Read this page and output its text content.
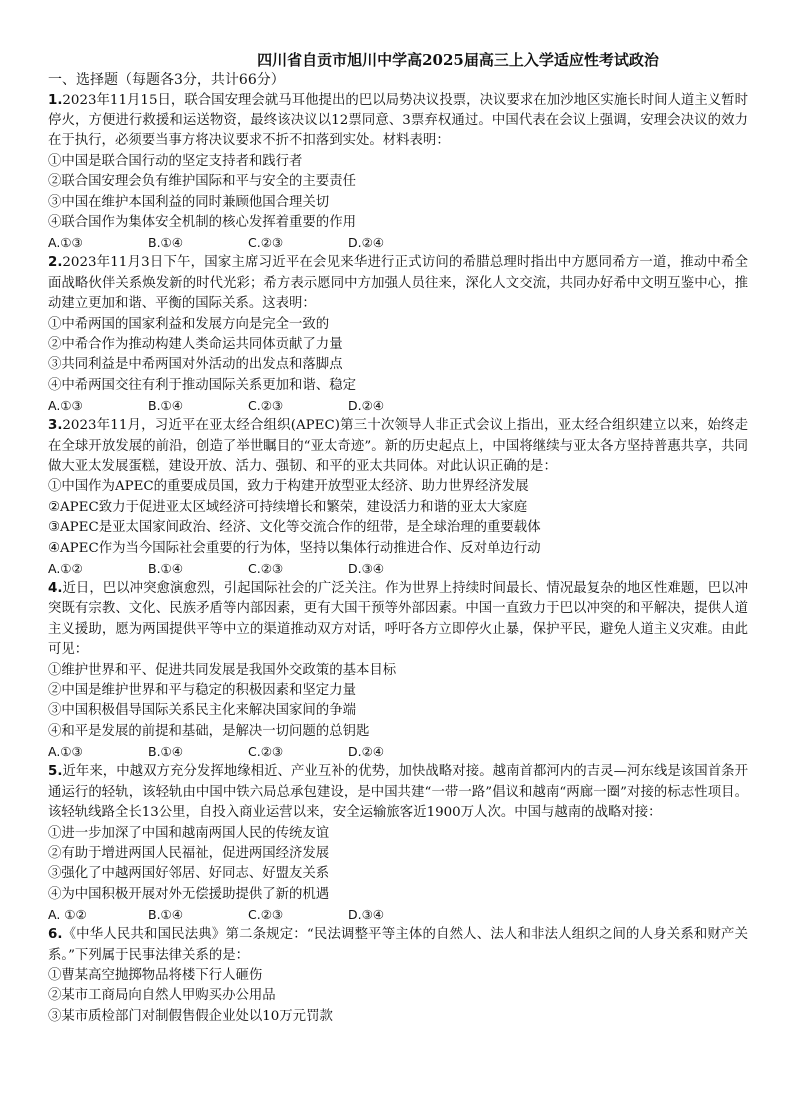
四川省自贡市旭川中学高2025届高三上入学适应性考试政治
一、选择题（每题各3分，共计66分）

1.2023年11月15日，联合国安理会就马耳他提出的巴以局势决议投票，决议要求在加沙地区实施长时间人道主义暂时停火，方便进行救援和运送物资，最终该决议以12票同意、3票弃权通过。中国代表在会议上强调，安理会决议的效力在于执行，必须要当事方将决议要求不折不扣落到实处。材料表明：

①中国是联合国行动的坚定支持者和践行者

②联合国安理会负有维护国际和平与安全的主要责任

③中国在维护本国利益的同时兼顾他国合理关切

④联合国作为集体安全机制的核心发挥着重要的作用

A.①③	B.①④	C.②③	D.②④

2.2023年11月3日下午，国家主席习近平在会见来华进行正式访问的希腊总理时指出中方愿同希方一道，推动中希全面战略伙伴关系焕发新的时代光彩；希方表示愿同中方加强人员往来，深化人文交流，共同办好希中文明互鉴中心，推动建立更加和谐、平衡的国际关系。这表明：

①中希两国的国家利益和发展方向是完全一致的

②中希合作为推动构建人类命运共同体贡献了力量

③共同利益是中希两国对外活动的出发点和落脚点

④中希两国交往有利于推动国际关系更加和谐、稳定

A.①③	B.①④	C.②③	D.②④

3.2023年11月，习近平在亚太经合组织(APEC)第三十次领导人非正式会议上指出，亚太经合组织建立以来，始终走在全球开放发展的前沿，创造了举世瞩目的“亚太奇迹”。新的历史起点上，中国将继续与亚太各方坚持普惠共享，共同做大亚太发展蛋糕，建设开放、活力、强韧、和平的亚太共同体。对此认识正确的是：

①中国作为APEC的重要成员国，致力于构建开放型亚太经济、助力世界经济发展

②APEC致力于促进亚太区域经济可持续增长和繁荣，建设活力和谐的亚太大家庭

③APEC是亚太国家间政治、经济、文化等交流合作的纽带，是全球治理的重要载体

④APEC作为当今国际社会重要的行为体，坚持以集体行动推进合作、反对单边行动

A.①②	B.①④	C.②③	D.③④

4.近日，巴以冲突愈演愈烈，引起国际社会的广泛关注。作为世界上持续时间最长、情况最复杂的地区性难题，巴以冲突既有宗教、文化、民族矛盾等内部因素，更有大国干预等外部因素。中国一直致力于巴以冲突的和平解决，提供人道主义援助，愿为两国提供平等中立的渠道推动双方对话，呼吁各方立即停火止暴，保护平民，避免人道主义灾难。由此可见：

①维护世界和平、促进共同发展是我国外交政策的基本目标

②中国是维护世界和平与稳定的积极因素和坚定力量

③中国积极倡导国际关系民主化来解决国家间的争端

④和平是发展的前提和基础，是解决一切问题的总钥匙

A.①③	B.①④	C.②③	D.②④

5.近年来，中越双方充分发挥地缘相近、产业互补的优势，加快战略对接。越南首都河内的吉灵—河东线是该国首条开通运行的轻轨，该轻轨由中国中铁六局总承包建设，是中国共建“一带一路”倡议和越南“两廊一圈”对接的标志性项目。该轻轨线路全长13公里，自投入商业运营以来，安全运输旅客近1900万人次。中国与越南的战略对接：

①进一步加深了中国和越南两国人民的传统友谊

②有助于增进两国人民福祉，促进两国经济发展

③强化了中越两国好邻居、好同志、好盟友关系

④为中国积极开展对外无偿援助提供了新的机遇

A. ①②	B.①④	C.②③	D.③④

6.《中华人民共和国民法典》第二条规定：“民法调整平等主体的自然人、法人和非法人组织之间的人身关系和财产关系。”下列属于民事法律关系的是：

①曹某高空抛掷物品将楼下行人砸伤

②某市工商局向自然人甲购买办公用品

③某市质检部门对制假售假企业处以10万元罚款
